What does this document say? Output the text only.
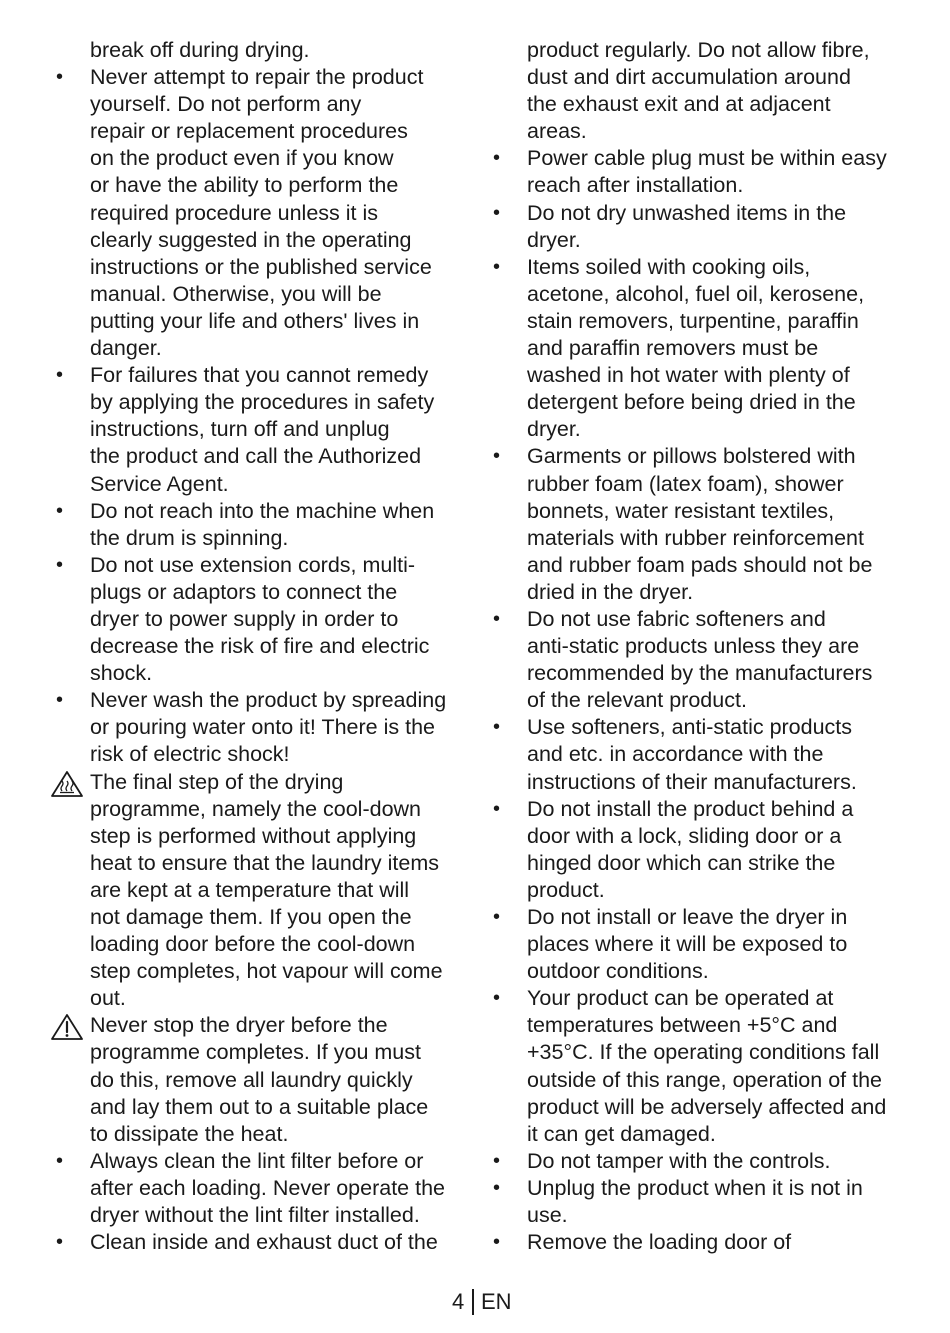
break off during drying.
• Never attempt to repair the product
yourself. Do not perform any
repair or replacement procedures
on the product even if you know
or have the ability to perform the
required procedure unless it is
clearly suggested in the operating
instructions or the published service
manual. Otherwise, you will be
putting your life and others' lives in
danger.
• For failures that you cannot remedy
by applying the procedures in safety
instructions, turn off and unplug
the product and call the Authorized
Service Agent.
• Do not reach into the machine when
the drum is spinning.
• Do not use extension cords, multi-
plugs or adaptors to connect the
dryer to power supply in order to
decrease the risk of fire and electric
shock.
• Never wash the product by spreading
or pouring water onto it! There is the
risk of electric shock!
The final step of the drying
programme, namely the cool-down
step is performed without applying
heat to ensure that the laundry items
are kept at a temperature that will
not damage them. If you open the
loading door before the cool-down
step completes, hot vapour will come
out.
Never stop the dryer before the
programme completes. If you must
do this, remove all laundry quickly
and lay them out to a suitable place
to dissipate the heat.
• Always clean the lint filter before or
after each loading. Never operate the
dryer without the lint filter installed.
• Clean inside and exhaust duct of the
product regularly. Do not allow fibre,
dust and dirt accumulation around
the exhaust exit and at adjacent
areas.
• Power cable plug must be within easy
reach after installation.
• Do not dry unwashed items in the
dryer.
• Items soiled with cooking oils,
acetone, alcohol, fuel oil, kerosene,
stain removers, turpentine, paraffin
and paraffin removers must be
washed in hot water with plenty of
detergent before being dried in the
dryer.
• Garments or pillows bolstered with
rubber foam (latex foam), shower
bonnets, water resistant textiles,
materials with rubber reinforcement
and rubber foam pads should not be
dried in the dryer.
• Do not use fabric softeners and
anti-static products unless they are
recommended by the manufacturers
of the relevant product.
• Use softeners, anti-static products
and etc. in accordance with the
instructions of their manufacturers.
• Do not install the product behind a
door with a lock, sliding door or a
hinged door which can strike the
product.
• Do not install or leave the dryer in
places where it will be exposed to
outdoor conditions.
• Your product can be operated at
temperatures between +5°C and
+35°C. If the operating conditions fall
outside of this range, operation of the
product will be adversely affected and
it can get damaged.
• Do not tamper with the controls.
• Unplug the product when it is not in
use.
• Remove the loading door of
4 EN
